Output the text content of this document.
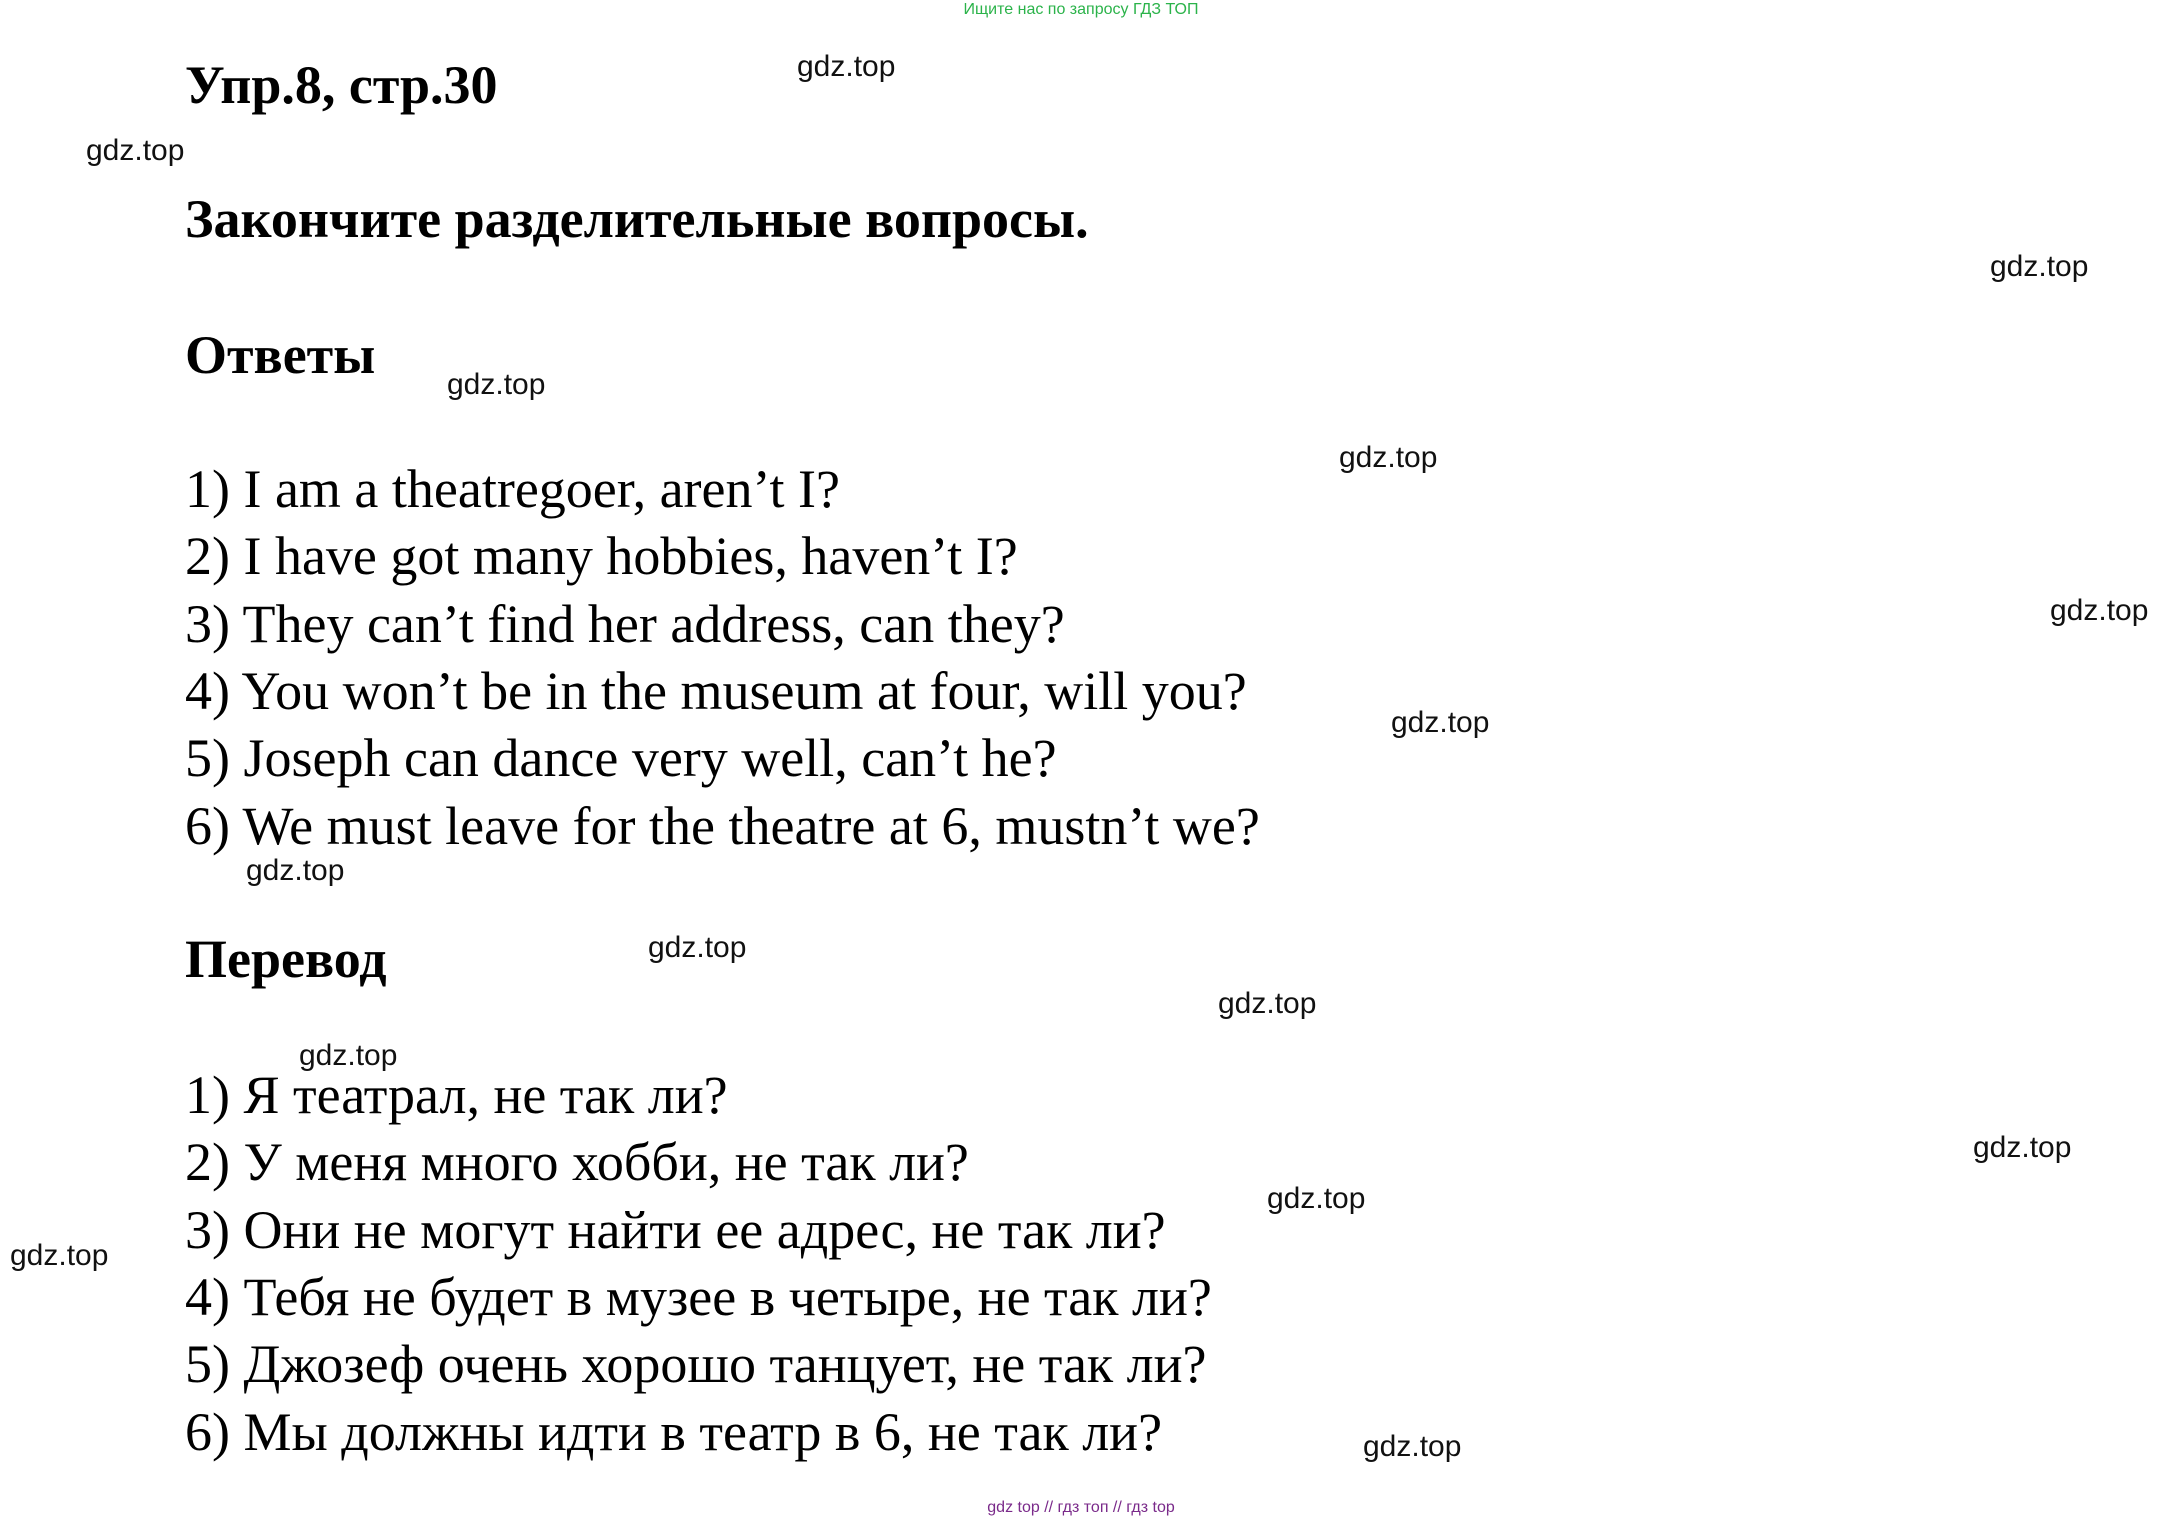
Ищите нас по запросу ГДЗ ТОП
Упр.8, стр.30
Закончите разделительные вопросы.
Ответы
1) I am a theatregoer, aren’t I?
2) I have got many hobbies, haven’t I?
3) They can’t find her address, can they?
4) You won’t be in the museum at four, will you?
5) Joseph can dance very well, can’t he?
6) We must leave for the theatre at 6, mustn’t we?
Перевод
1) Я театрал, не так ли?
2) У меня много хобби, не так ли?
3) Они не могут найти ее адрес, не так ли?
4) Тебя не будет в музее в четыре, не так ли?
5) Джозеф очень хорошо танцует, не так ли?
6) Мы должны идти в театр в 6, не так ли?
gdz.top
gdz.top
gdz.top
gdz.top
gdz.top
gdz.top
gdz.top
gdz.top
gdz.top
gdz.top
gdz.top
gdz.top
gdz.top
gdz.top
gdz.top
gdz top // гдз топ // гдз top
